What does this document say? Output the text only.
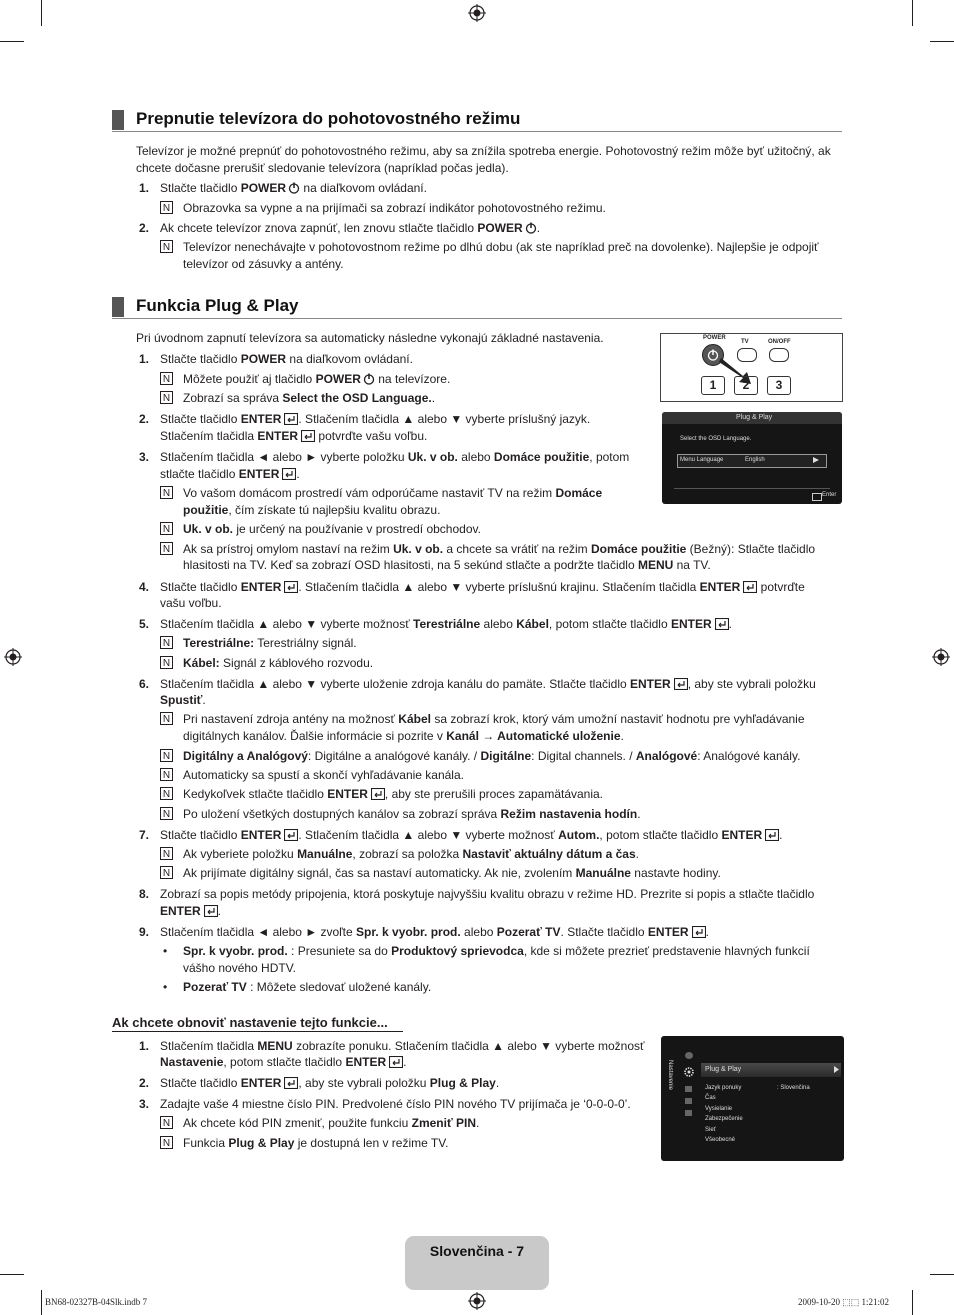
Prepnutie televízora do pohotovostného režimu
Televízor je možné prepnúť do pohotovostného režimu, aby sa znížila spotreba energie. Pohotovostný režim môže byť užitočný, ak chcete dočasne prerušiť sledovanie televízora (napríklad počas jedla).
1. Stlačte tlačidlo POWER na diaľkovom ovládaní.
Obrazovka sa vypne a na prijímači sa zobrazí indikátor pohotovostného režimu.
2. Ak chcete televízor znova zapnúť, len znovu stlačte tlačidlo POWER .
Televízor nenechávajte v pohotovostnom režime po dlhú dobu (ak ste napríklad preč na dovolenke). Najlepšie je odpojiť
televízor od zásuvky a antény.
Funkcia Plug & Play
Pri úvodnom zapnutí televízora sa automaticky následne vykonajú základné nastavenia.	POWER
TV	ON/OFF
1	2	3
Plug & Play
Select the OSD Language.
Menu Language	English
Enter
1. Stlačte tlačidlo POWER na diaľkovom ovládaní.
Môžete použiť aj tlačidlo POWER na televízore.
Zobrazí sa správa Select the OSD Language..
2. Stlačte tlačidlo ENTER . Stlačením tlačidla ▲ alebo ▼ vyberte príslušný jazyk.
Stlačením tlačidla ENTER potvrďte vašu voľbu.
3. Stlačením tlačidla ◄ alebo ► vyberte položku Uk. v ob. alebo Domáce použitie, potom
stlačte tlačidlo ENTER .
Vo vašom domácom prostredí vám odporúčame nastaviť TV na režim Domáce
použitie, čím získate tú najlepšiu kvalitu obrazu.
Uk. v ob. je určený na používanie v prostredí obchodov.
Ak sa prístroj omylom nastaví na režim Uk. v ob. a chcete sa vrátiť na režim Domáce použitie (Bežný): Stlačte tlačidlo
hlasitosti na TV. Keď sa zobrazí OSD hlasitosti, na 5 sekúnd stlačte a podržte tlačidlo MENU na TV.
4. Stlačte tlačidlo ENTER . Stlačením tlačidla ▲ alebo ▼ vyberte príslušnú krajinu. Stlačením tlačidla ENTER potvrďte
vašu voľbu.
5. Stlačením tlačidla ▲ alebo ▼ vyberte možnosť Terestriálne alebo Kábel, potom stlačte tlačidlo ENTER .
Terestriálne: Terestriálny signál.
Kábel: Signál z káblového rozvodu.
6. Stlačením tlačidla ▲ alebo ▼ vyberte uloženie zdroja kanálu do pamäte. Stlačte tlačidlo ENTER , aby ste vybrali položku
Spustiť.
Pri nastavení zdroja antény na možnosť Kábel sa zobrazí krok, ktorý vám umožní nastaviť hodnotu pre vyhľadávanie
digitálnych kanálov. Ďalšie informácie si pozrite v Kanál → Automatické uloženie.
Digitálny a Analógový: Digitálne a analógové kanály. / Digitálne: Digital channels. / Analógové: Analógové kanály.
Automaticky sa spustí a skončí vyhľadávanie kanála.
Kedykoľvek stlačte tlačidlo ENTER , aby ste prerušili proces zapamätávania.
Po uložení všetkých dostupných kanálov sa zobrazí správa Režim nastavenia hodín.
7. Stlačte tlačidlo ENTER . Stlačením tlačidla ▲ alebo ▼ vyberte možnosť Autom., potom stlačte tlačidlo ENTER .
Ak vyberiete položku Manuálne, zobrazí sa položka Nastaviť aktuálny dátum a čas.
Ak prijímate digitálny signál, čas sa nastaví automaticky. Ak nie, zvolením Manuálne nastavte hodiny.
8. Zobrazí sa popis metódy pripojenia, ktorá poskytuje najvyššiu kvalitu obrazu v režime HD. Prezrite si popis a stlačte tlačidlo
ENTER .
9. Stlačením tlačidla ◄ alebo ► zvoľte Spr. k vyobr. prod. alebo Pozerať TV. Stlačte tlačidlo ENTER .
• Spr. k vyobr. prod. : Presuniete sa do Produktový sprievodca, kde si môžete prezrieť predstavenie hlavných funkcií
vášho nového HDTV.
• Pozerať TV : Môžete sledovať uložené kanály.
Ak chcete obnoviť nastavenie tejto funkcie...
1. Stlačením tlačidla MENU zobrazíte ponuku. Stlačením tlačidla ▲ alebo ▼ vyberte možnosť
Nastavenie, potom stlačte tlačidlo ENTER .
2. Stlačte tlačidlo ENTER , aby ste vybrali položku Plug & Play.
3. Zadajte vaše 4 miestne číslo PIN. Predvolené číslo PIN nového TV prijímača je ‘0-0-0-0’.
Ak chcete kód PIN zmeniť, použite funkciu Zmeniť PIN.
Funkcia Plug & Play je dostupná len v režime TV.
Nastavenie	Plug & Play
Jazyk ponuky	: Slovenčina
Čas
Vysielanie
Zabezpečenie
Sieť
Všeobecné
Slovenčina - 7
BN68-02327B-04Slk.indb 7	2009-10-20 ⬚⬚ 1:21:02
